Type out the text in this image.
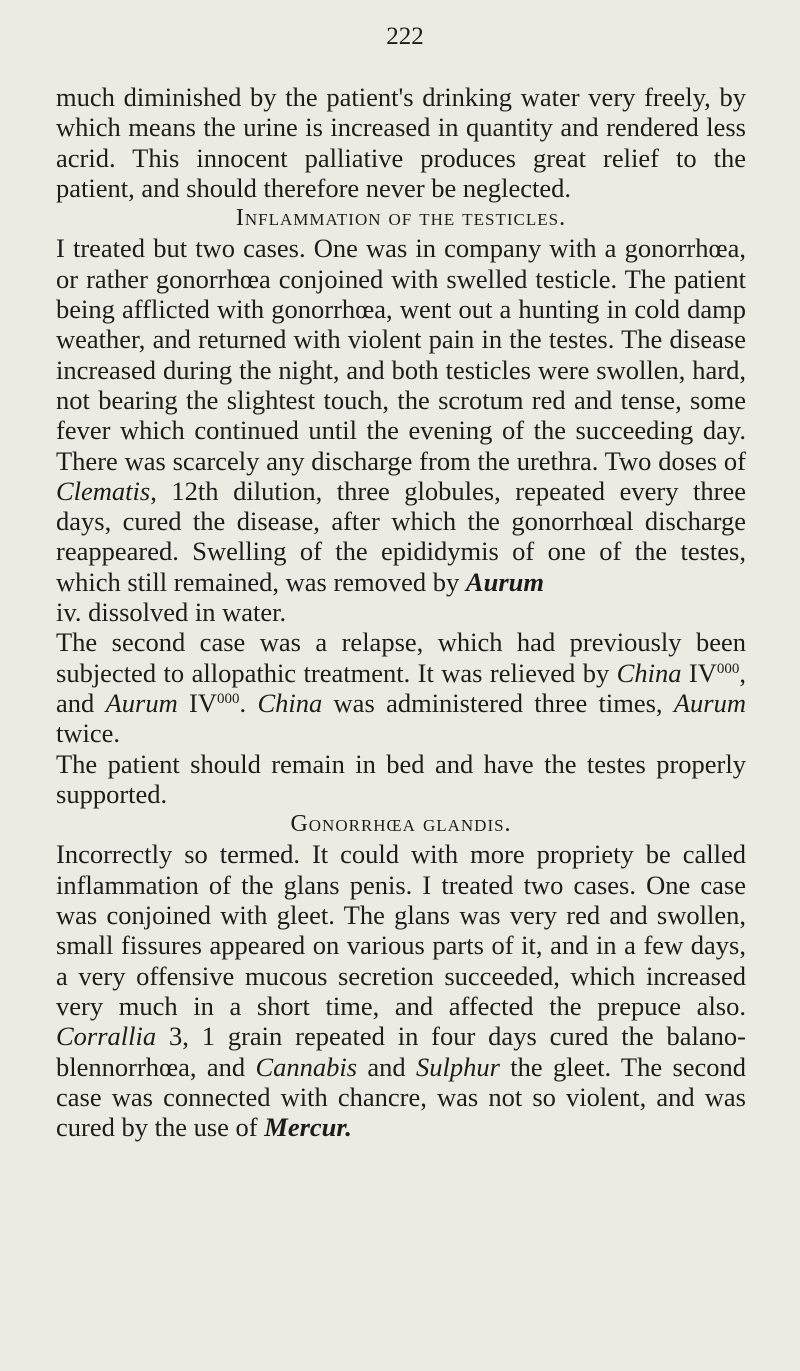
222

much diminished by the patient's drinking water very freely, by which means the urine is increased in quantity and rendered less acrid. This innocent palliative produces great relief to the patient, and should therefore never be neglected.

Inflammation of the testicles.

I treated but two cases. One was in company with a gonorrhœa, or rather gonorrhœa conjoined with swelled testicle. The patient being afflicted with gonorrhœa, went out a hunting in cold damp weather, and returned with violent pain in the testes. The disease increased during the night, and both testicles were swollen, hard, not bearing the slightest touch, the scrotum red and tense, some fever which continued until the evening of the succeeding day. There was scarcely any discharge from the urethra. Two doses of Clematis, 12th dilution, three globules, repeated every three days, cured the disease, after which the gonorrhœal discharge reappeared. Swelling of the epididymis of one of the testes, which still remained, was removed by Aurum
iv. dissolved in water.

The second case was a relapse, which had previously been subjected to allopathic treatment. It was relieved by China IV$^{000}$, and Aurum IV$^{000}$. China was administered three times, Aurum twice.

The patient should remain in bed and have the testes properly supported.

Gonorrhœa glandis.

Incorrectly so termed. It could with more propriety be called inflammation of the glans penis. I treated two cases. One case was conjoined with gleet. The glans was very red and swollen, small fissures appeared on various parts of it, and in a few days, a very offensive mucous secretion succeeded, which increased very much in a short time, and affected the prepuce also. Corrallia 3, 1 grain repeated in four days cured the balano-blennorrhœa, and Cannabis and Sulphur the gleet. The second case was connected with chancre, was not so violent, and was cured by the use of Mercur.
